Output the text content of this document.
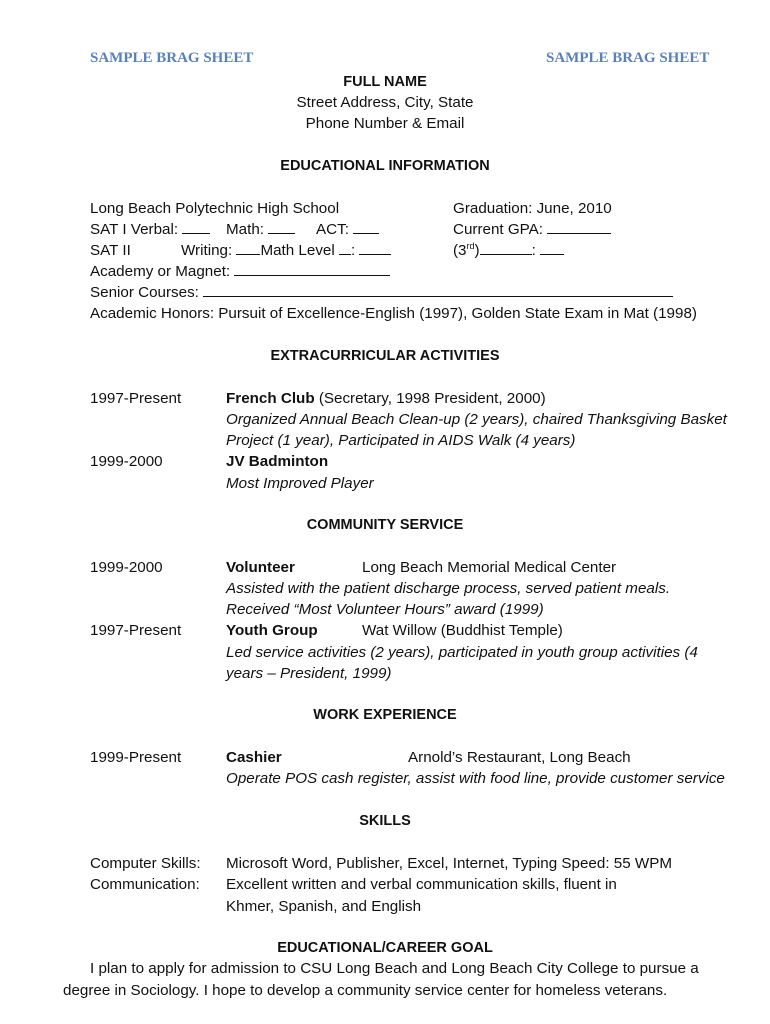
SAMPLE BRAG SHEET	SAMPLE BRAG SHEET
FULL NAME
Street Address, City, State
Phone Number & Email
EDUCATIONAL INFORMATION
Long Beach Polytechnic High School	Graduation: June, 2010
SAT I Verbal:	Math:	ACT:	Current GPA:
SAT II	Writing: Math Level :	(3rd)	:
Academy or Magnet:
Senior Courses:
Academic Honors: Pursuit of Excellence-English (1997), Golden State Exam in Mat (1998)
EXTRACURRICULAR ACTIVITIES
1997-Present	French Club (Secretary, 1998 President, 2000)
Organized Annual Beach Clean-up (2 years), chaired Thanksgiving Basket
Project (1 year), Participated in AIDS Walk (4 years)
1999-2000	JV Badminton
Most Improved Player
COMMUNITY SERVICE
1999-2000	Volunteer	Long Beach Memorial Medical Center
Assisted with the patient discharge process, served patient meals.
Received “Most Volunteer Hours” award (1999)
1997-Present	Youth Group	Wat Willow (Buddhist Temple)
Led service activities (2 years), participated in youth group activities (4
years – President, 1999)
WORK EXPERIENCE
1999-Present	Cashier	Arnold’s Restaurant, Long Beach
Operate POS cash register, assist with food line, provide customer service
SKILLS
Computer Skills: Microsoft Word, Publisher, Excel, Internet, Typing Speed: 55 WPM
Communication: Excellent written and verbal communication skills, fluent in
Khmer, Spanish, and English
EDUCATIONAL/CAREER GOAL
I plan to apply for admission to CSU Long Beach and Long Beach City College to pursue a
degree in Sociology. I hope to develop a community service center for homeless veterans.
